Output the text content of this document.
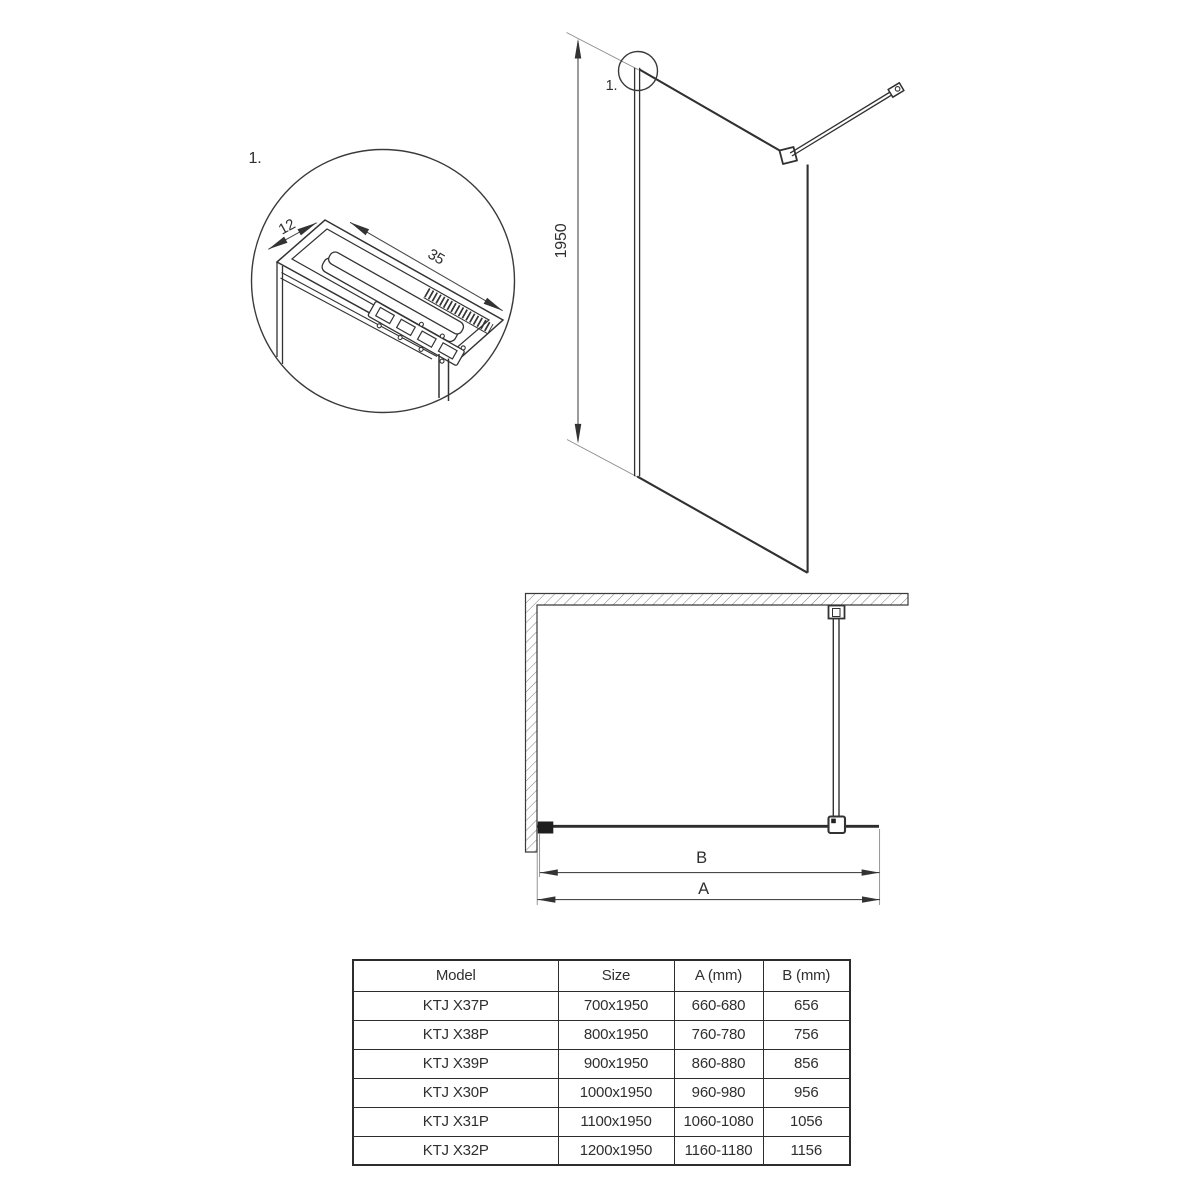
1.
12
35
1.
1950
B
A
Model	Size	A (mm)	B (mm)
KTJ X37P	700x1950	660-680	656
KTJ X38P	800x1950	760-780	756
KTJ X39P	900x1950	860-880	856
KTJ X30P	1000x1950	960-980	956
KTJ X31P	1100x1950	1060-1080	1056
KTJ X32P	1200x1950	1160-1180	1156
